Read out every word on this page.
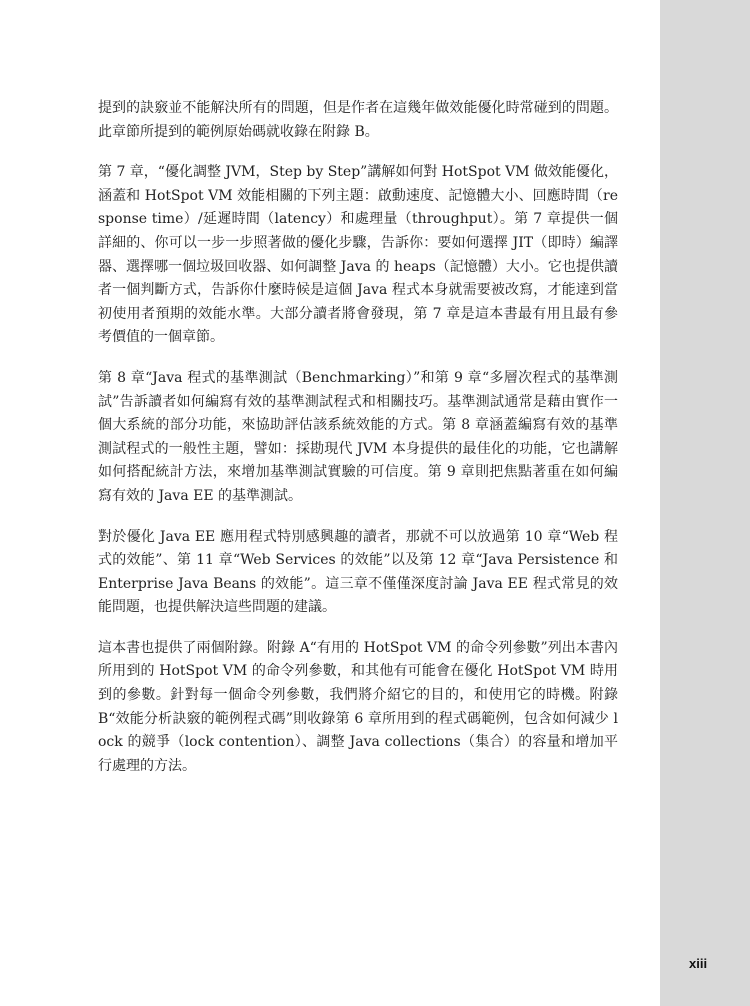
提到的訣竅並不能解決所有的問題，但是作者在這幾年做效能優化時常碰到的問題。此章節所提到的範例原始碼就收錄在附錄 B。

第 7 章，“優化調整 JVM，Step by Step”講解如何對 HotSpot VM 做效能優化，涵蓋和 HotSpot VM 效能相關的下列主題：啟動速度、記憶體大小、回應時間（response time）/延遲時間（latency）和處理量（throughput）。第 7 章提供一個詳細的、你可以一步一步照著做的優化步驟，告訴你：要如何選擇 JIT（即時）編譯器、選擇哪一個垃圾回收器、如何調整 Java 的 heaps（記憶體）大小。它也提供讀者一個判斷方式，告訴你什麼時候是這個 Java 程式本身就需要被改寫，才能達到當初使用者預期的效能水準。大部分讀者將會發現，第 7 章是這本書最有用且最有參考價值的一個章節。

第 8 章“Java 程式的基準測試（Benchmarking）”和第 9 章“多層次程式的基準測試”告訴讀者如何編寫有效的基準測試程式和相關技巧。基準測試通常是藉由實作一個大系統的部分功能，來協助評估該系統效能的方式。第 8 章涵蓋編寫有效的基準測試程式的一般性主題，譬如：採勘現代 JVM 本身提供的最佳化的功能，它也講解如何搭配統計方法，來增加基準測試實驗的可信度。第 9 章則把焦點著重在如何編寫有效的 Java EE 的基準測試。

對於優化 Java EE 應用程式特別感興趣的讀者，那就不可以放過第 10 章“Web 程式的效能”、第 11 章“Web Services 的效能”以及第 12 章“Java Persistence 和 Enterprise Java Beans 的效能”。這三章不僅僅深度討論 Java EE 程式常見的效能問題，也提供解決這些問題的建議。

這本書也提供了兩個附錄。附錄 A“有用的 HotSpot VM 的命令列參數”列出本書內所用到的 HotSpot VM 的命令列參數，和其他有可能會在優化 HotSpot VM 時用到的參數。針對每一個命令列參數，我們將介紹它的目的，和使用它的時機。附錄 B“效能分析訣竅的範例程式碼”則收錄第 6 章所用到的程式碼範例，包含如何減少 lock 的競爭（lock contention）、調整 Java collections（集合）的容量和增加平行處理的方法。

xiii
